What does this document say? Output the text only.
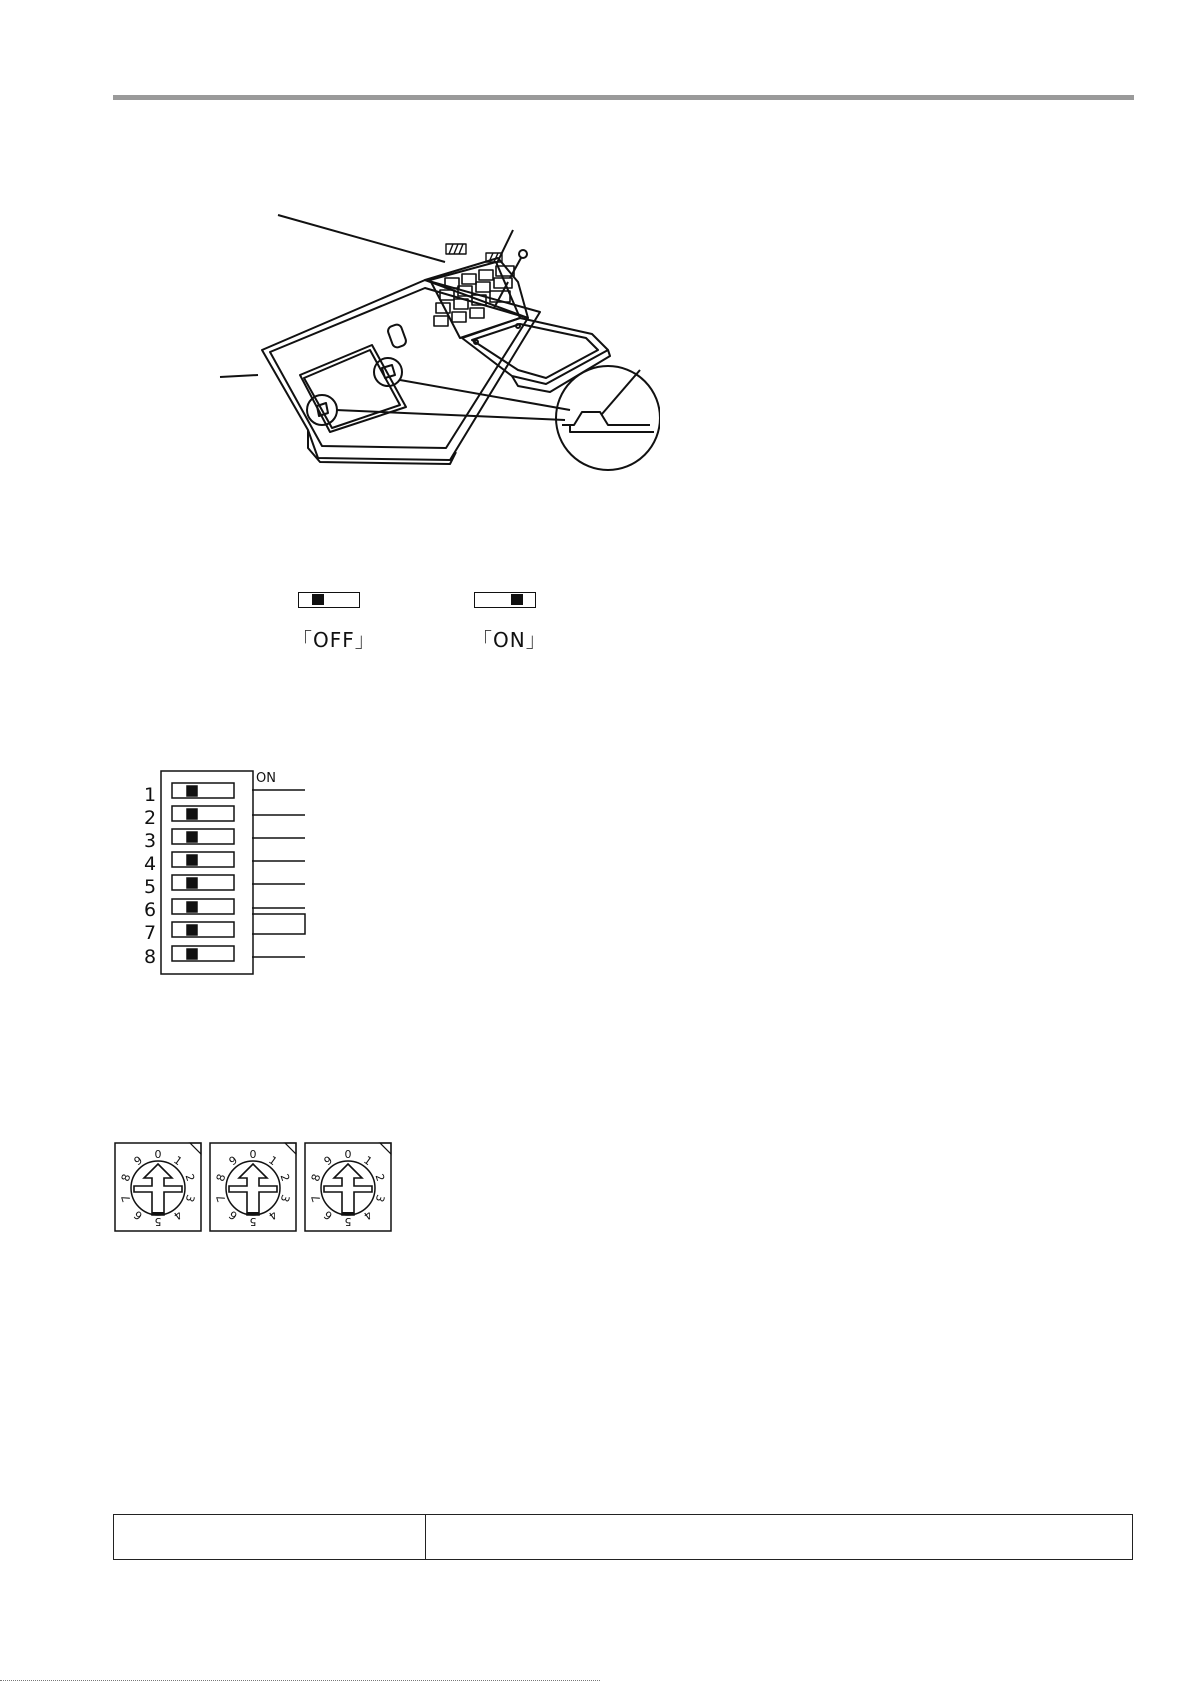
「OFF」	「ON」
ON
1
2
3
4
5
6
7
8
0 1
2
3
4
5
6
7
8
9	0 1
2
3
4
5
6
7
8
9	0 1
2
3
4
5
6
7
8
9
